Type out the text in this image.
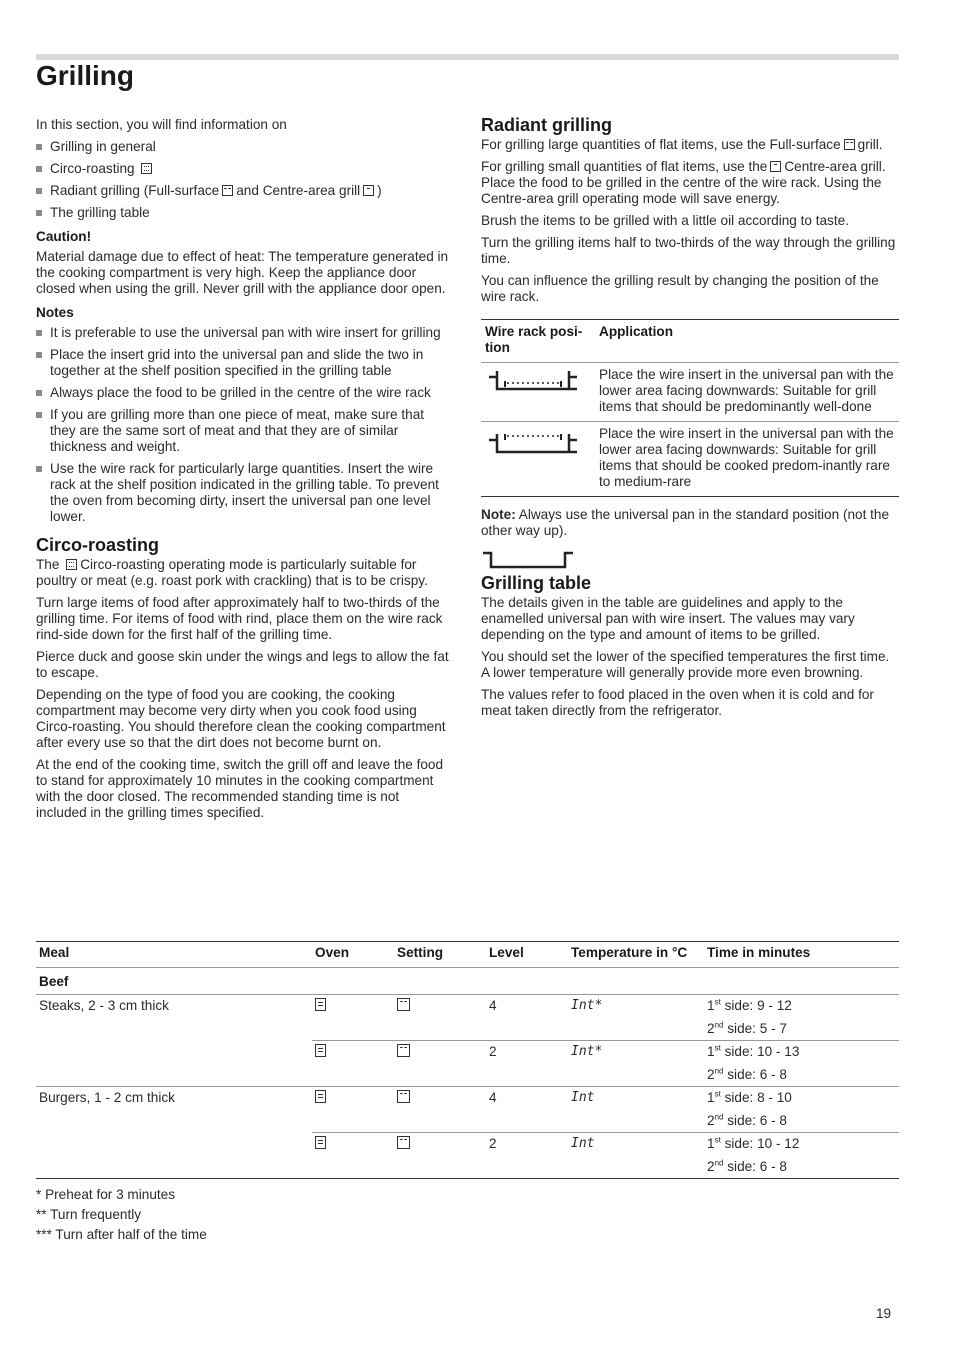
Grilling

In this section, you will find information on

Grilling in general
Circo-roasting
Radiant grilling (Full-surface and Centre-area grill )
The grilling table
Caution!

Material damage due to effect of heat: The temperature generated in the cooking compartment is very high. Keep the appliance door closed when using the grill. Never grill with the appliance door open.

Notes
It is preferable to use the universal pan with wire insert for grilling
Place the insert grid into the universal pan and slide the two in together at the shelf position specified in the grilling table
Always place the food to be grilled in the centre of the wire rack
If you are grilling more than one piece of meat, make sure that they are the same sort of meat and that they are of similar thickness and weight.
Use the wire rack for particularly large quantities. Insert the wire rack at the shelf position indicated in the grilling table. To prevent the oven from becoming dirty, insert the universal pan one level lower.
Circo-roasting

The Circo-roasting operating mode is particularly suitable for poultry or meat (e.g. roast pork with crackling) that is to be crispy.

Turn large items of food after approximately half to two-thirds of the grilling time. For items of food with rind, place them on the wire rack rind-side down for the first half of the grilling time.

Pierce duck and goose skin under the wings and legs to allow the fat to escape.

Depending on the type of food you are cooking, the cooking compartment may become very dirty when you cook food using Circo-roasting. You should therefore clean the cooking compartment after every use so that the dirt does not become burnt on.

At the end of the cooking time, switch the grill off and leave the food to stand for approximately 10 minutes in the cooking compartment with the door closed. The recommended standing time is not included in the grilling times specified.

Radiant grilling

For grilling large quantities of flat items, use the Full-surface grill.

For grilling small quantities of flat items, use the Centre-area grill. Place the food to be grilled in the centre of the wire rack. Using the Centre-area grill operating mode will save energy.

Brush the items to be grilled with a little oil according to taste.

Turn the grilling items half to two-thirds of the way through the grilling time.

You can influence the grilling result by changing the position of the wire rack.

Wire rack posi-tion	Application
	Place the wire insert in the universal pan with the lower area facing downwards: Suitable for grill items that should be predominantly well-done
	Place the wire insert in the universal pan with the lower area facing downwards: Suitable for grill items that should be cooked predom-inantly rare to medium-rare

Note: Always use the universal pan in the standard position (not the other way up).

Grilling table

The details given in the table are guidelines and apply to the enamelled universal pan with wire insert. The values may vary depending on the type and amount of items to be grilled.

You should set the lower of the specified temperatures the first time. A lower temperature will generally provide more even browning.

The values refer to food placed in the oven when it is cold and for meat taken directly from the refrigerator.

Meal	Oven	Setting	Level	Temperature in °C	Time in minutes
Beef					
Steaks, 2 - 3 cm thick			4	Int*	1st side: 9 - 12
					2nd side: 5 - 7
			2	Int*	1st side: 10 - 13
					2nd side: 6 - 8
Burgers, 1 - 2 cm thick			4	Int	1st side: 8 - 10
					2nd side: 6 - 8
			2	Int	1st side: 10 - 12
					2nd side: 6 - 8
* Preheat for 3 minutes
** Turn frequently
*** Turn after half of the time
19
